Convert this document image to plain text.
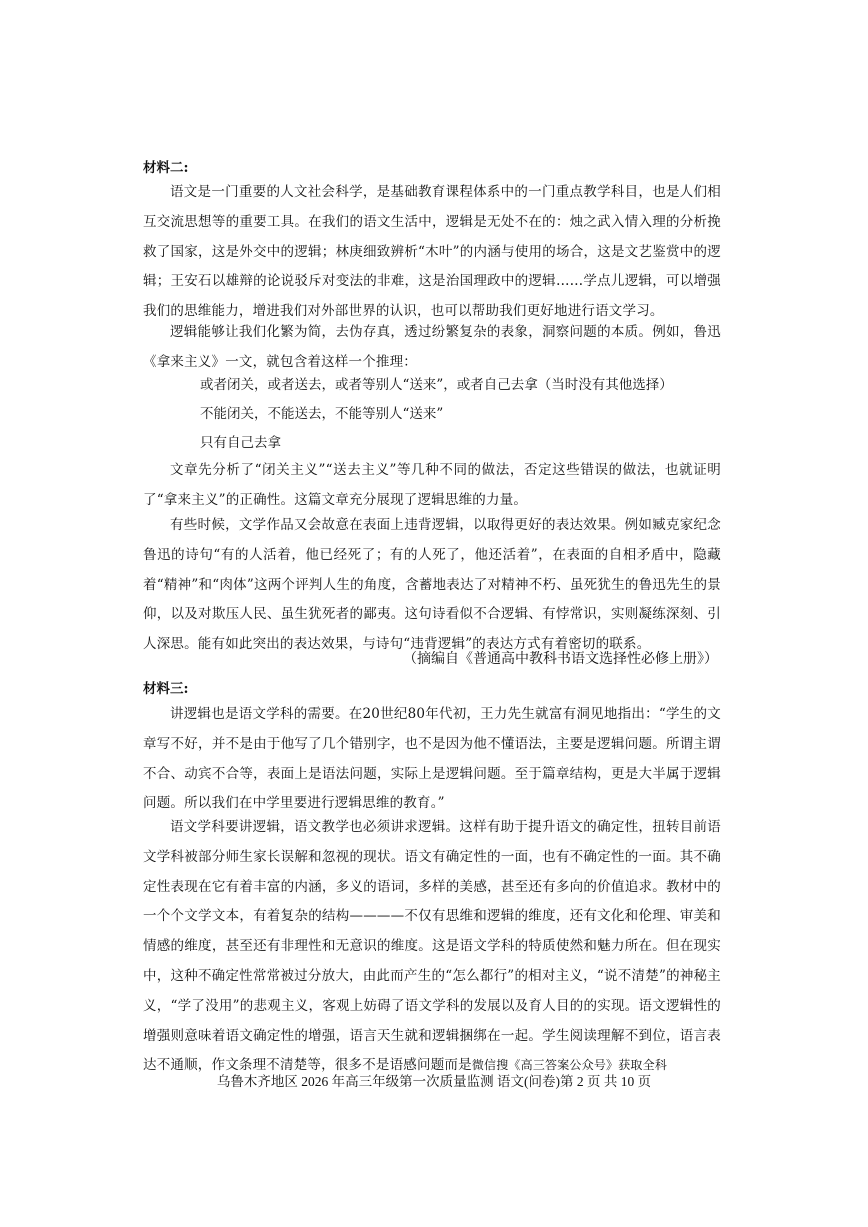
材料二:

语文是一门重要的人文社会科学，是基础教育课程体系中的一门重点教学科目，也是人们相互交流思想等的重要工具。在我们的语文生活中，逻辑是无处不在的：烛之武入情入理的分析挽救了国家，这是外交中的逻辑；林庚细致辨析“木叶”的内涵与使用的场合，这是文艺鉴赏中的逻辑；王安石以雄辩的论说驳斥对变法的非难，这是治国理政中的逻辑……学点儿逻辑，可以增强我们的思维能力，增进我们对外部世界的认识，也可以帮助我们更好地进行语文学习。

逻辑能够让我们化繁为简，去伪存真，透过纷繁复杂的表象，洞察问题的本质。例如，鲁迅《拿来主义》一文，就包含着这样一个推理：

或者闭关，或者送去，或者等别人“送来”，或者自己去拿（当时没有其他选择）
不能闭关，不能送去，不能等别人“送来”
只有自己去拿

文章先分析了“闭关主义”“送去主义”等几种不同的做法，否定这些错误的做法，也就证明了“拿来主义”的正确性。这篇文章充分展现了逻辑思维的力量。

有些时候，文学作品又会故意在表面上违背逻辑，以取得更好的表达效果。例如臧克家纪念鲁迅的诗句“有的人活着，他已经死了；有的人死了，他还活着”，在表面的自相矛盾中，隐藏着“精神”和“肉体”这两个评判人生的角度，含蓄地表达了对精神不朽、虽死犹生的鲁迅先生的景仰，以及对欺压人民、虽生犹死者的鄙夷。这句诗看似不合逻辑、有悖常识，实则凝练深刻、引人深思。能有如此突出的表达效果，与诗句“违背逻辑”的表达方式有着密切的联系。

（摘编自《普通高中教科书语文选择性必修上册》）
材料三:

讲逻辑也是语文学科的需要。在20世纪80年代初，王力先生就富有洞见地指出：“学生的文章写不好，并不是由于他写了几个错别字，也不是因为他不懂语法，主要是逻辑问题。所谓主谓不合、动宾不合等，表面上是语法问题，实际上是逻辑问题。至于篇章结构，更是大半属于逻辑问题。所以我们在中学里要进行逻辑思维的教育。”

语文学科要讲逻辑，语文教学也必须讲求逻辑。这样有助于提升语文的确定性，扭转目前语文学科被部分师生家长误解和忽视的现状。语文有确定性的一面，也有不确定性的一面。其不确定性表现在它有着丰富的内涵，多义的语词，多样的美感，甚至还有多向的价值追求。教材中的一个个文学文本，有着复杂的结构————不仅有思维和逻辑的维度，还有文化和伦理、审美和情感的维度，甚至还有非理性和无意识的维度。这是语文学科的特质使然和魅力所在。但在现实中，这种不确定性常常被过分放大，由此而产生的“怎么都行”的相对主义，“说不清楚”的神秘主义，“学了没用”的悲观主义，客观上妨碍了语文学科的发展以及育人目的的实现。语文逻辑性的增强则意味着语文确定性的增强，语言天生就和逻辑捆绑在一起。学生阅读理解不到位，语言表达不通顺，作文条理不清楚等，很多不是语感问题而是微信搜《高三答案公众号》获取全科

乌鲁木齐地区 2026 年高三年级第一次质量监测 语文(问卷)第 2 页 共 10 页
